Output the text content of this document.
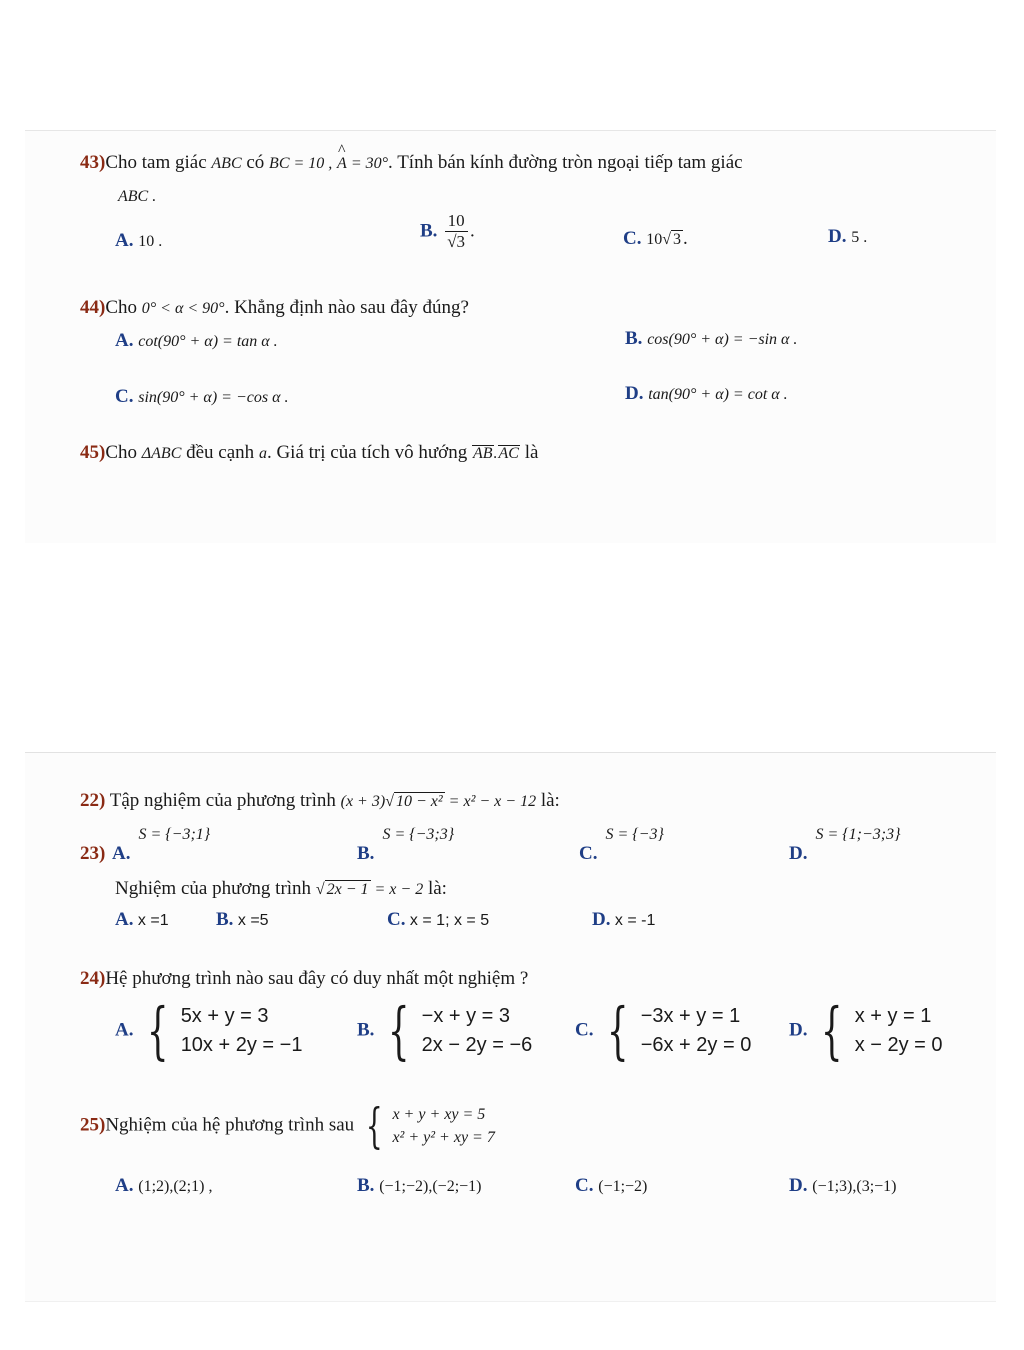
43)Cho tam giác ABC có BC = 10 , ^ A = 30°. Tính bán kính đường tròn ngoại tiếp tam giác
ABC .
A. 10 .
B. $\frac{10}{√3}$ .	C. 10√ 3 .	D. 5 .
44)Cho 0° < α < 90°. Khẳng định nào sau đây đúng?
A. cot(90° + α) = tan α .	B. cos(90° + α) = −sin α .
C. sin(90° + α) = −cos α .	D. tan(90° + α) = cot α .
45)Cho ΔABC đều cạnh a. Giá trị của tích vô hướng AB.AC là
22) Tập nghiệm của phương trình (x + 3)√ 10 − x² = x² − x − 12 là:
23) A.$^{S = \{-3;1\}}$
B.$^{S = \{-3;3\}}$
C.$^{S = \{-3\}}$
D.$^{S = \{1;-3;3\}}$
Nghiệm của phương trình √ 2x − 1 = x − 2 là:
A. x =1 B. x =5	C. x = 1; x = 5	D. x = -1
24)Hệ phương trình nào sau đây có duy nhất một nghiệm ?
A. { 5x + y = 3
10x + 2y = −1
B. { −x + y = 3
2x − 2y = −6
C. { −3x + y = 1
−6x + 2y = 0
D. { x + y = 1
x − 2y = 0
25)Nghiệm của hệ phương trình sau { x + y + xy = 5
x² + y² + xy = 7
A. (1;2),(2;1) ,	B. (−1;−2),(−2;−1)	C. (−1;−2)	D. (−1;3),(3;−1)
